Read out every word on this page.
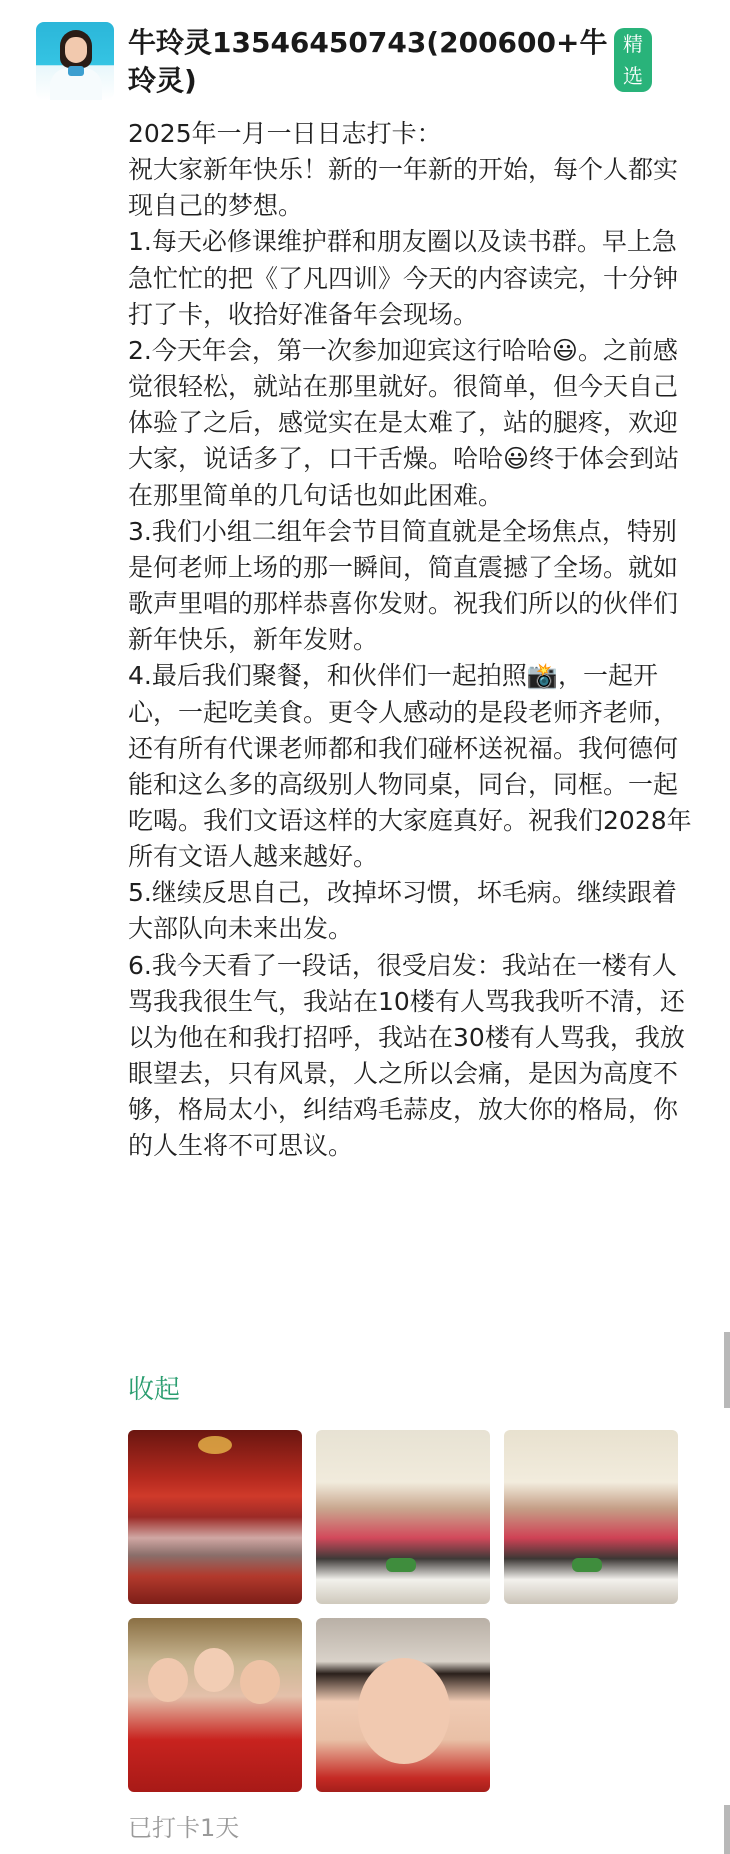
牛玲灵13546450743(200600+牛玲灵)
精选

2025年一月一日日志打卡：

祝大家新年快乐！新的一年新的开始，每个人都实现自己的梦想。

1.每天必修课维护群和朋友圈以及读书群。早上急急忙忙的把《了凡四训》今天的内容读完，十分钟打了卡，收拾好准备年会现场。

2.今天年会，第一次参加迎宾这行哈哈😃。之前感觉很轻松，就站在那里就好。很简单，但今天自己体验了之后，感觉实在是太难了，站的腿疼，欢迎大家，说话多了，口干舌燥。哈哈😃终于体会到站在那里简单的几句话也如此困难。

3.我们小组二组年会节目简直就是全场焦点，特别是何老师上场的那一瞬间，简直震撼了全场。就如歌声里唱的那样恭喜你发财。祝我们所以的伙伴们新年快乐，新年发财。

4.最后我们聚餐，和伙伴们一起拍照📸，一起开心，一起吃美食。更令人感动的是段老师齐老师，还有所有代课老师都和我们碰杯送祝福。我何德何能和这么多的高级别人物同桌，同台，同框。一起吃喝。我们文语这样的大家庭真好。祝我们2028年所有文语人越来越好。

5.继续反思自己，改掉坏习惯，坏毛病。继续跟着大部队向未来出发。

6.我今天看了一段话，很受启发：我站在一楼有人骂我我很生气，我站在10楼有人骂我我听不清，还以为他在和我打招呼，我站在30楼有人骂我，我放眼望去，只有风景，人之所以会痛，是因为高度不够，格局太小，纠结鸡毛蒜皮，放大你的格局，你的人生将不可思议。

收起
已打卡1天
